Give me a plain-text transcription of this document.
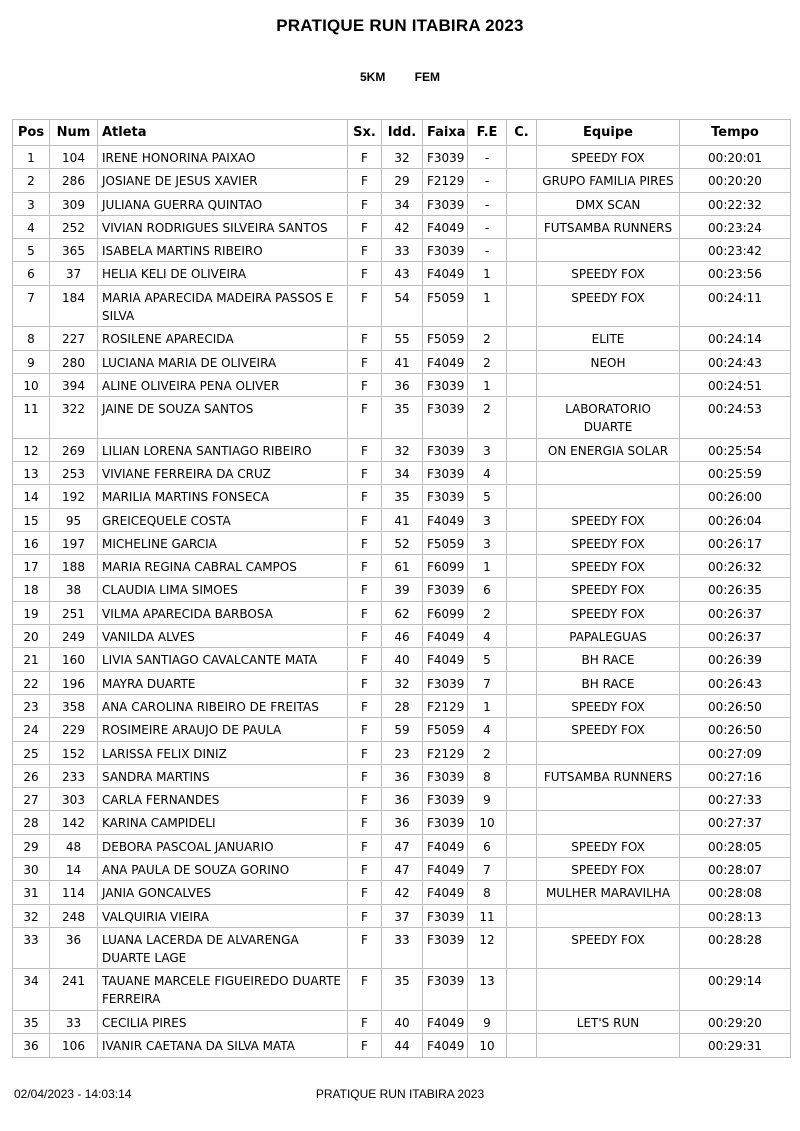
PRATIQUE RUN ITABIRA 2023
5KM FEM
Pos	Num	Atleta	Sx.	Idd.	Faixa	F.E	C.	Equipe	Tempo
1	104	IRENE HONORINA PAIXAO	F	32	F3039	-		SPEEDY FOX	00:20:01
2	286	JOSIANE DE JESUS XAVIER	F	29	F2129	-		GRUPO FAMILIA PIRES	00:20:20
3	309	JULIANA GUERRA QUINTAO	F	34	F3039	-		DMX SCAN	00:22:32
4	252	VIVIAN RODRIGUES SILVEIRA SANTOS	F	42	F4049	-		FUTSAMBA RUNNERS	00:23:24
5	365	ISABELA MARTINS RIBEIRO	F	33	F3039	-			00:23:42
6	37	HELIA KELI DE OLIVEIRA	F	43	F4049	1		SPEEDY FOX	00:23:56
7	184	MARIA APARECIDA MADEIRA PASSOS E SILVA	F	54	F5059	1		SPEEDY FOX	00:24:11
8	227	ROSILENE APARECIDA	F	55	F5059	2		ELITE	00:24:14
9	280	LUCIANA MARIA DE OLIVEIRA	F	41	F4049	2		NEOH	00:24:43
10	394	ALINE OLIVEIRA PENA OLIVER	F	36	F3039	1			00:24:51
11	322	JAINE DE SOUZA SANTOS	F	35	F3039	2		LABORATORIO DUARTE	00:24:53
12	269	LILIAN LORENA SANTIAGO RIBEIRO	F	32	F3039	3		ON ENERGIA SOLAR	00:25:54
13	253	VIVIANE FERREIRA DA CRUZ	F	34	F3039	4			00:25:59
14	192	MARILIA MARTINS FONSECA	F	35	F3039	5			00:26:00
15	95	GREICEQUELE COSTA	F	41	F4049	3		SPEEDY FOX	00:26:04
16	197	MICHELINE GARCIA	F	52	F5059	3		SPEEDY FOX	00:26:17
17	188	MARIA REGINA CABRAL CAMPOS	F	61	F6099	1		SPEEDY FOX	00:26:32
18	38	CLAUDIA LIMA SIMOES	F	39	F3039	6		SPEEDY FOX	00:26:35
19	251	VILMA APARECIDA BARBOSA	F	62	F6099	2		SPEEDY FOX	00:26:37
20	249	VANILDA ALVES	F	46	F4049	4		PAPALEGUAS	00:26:37
21	160	LIVIA SANTIAGO CAVALCANTE MATA	F	40	F4049	5		BH RACE	00:26:39
22	196	MAYRA DUARTE	F	32	F3039	7		BH RACE	00:26:43
23	358	ANA CAROLINA RIBEIRO DE FREITAS	F	28	F2129	1		SPEEDY FOX	00:26:50
24	229	ROSIMEIRE ARAUJO DE PAULA	F	59	F5059	4		SPEEDY FOX	00:26:50
25	152	LARISSA FELIX DINIZ	F	23	F2129	2			00:27:09
26	233	SANDRA MARTINS	F	36	F3039	8		FUTSAMBA RUNNERS	00:27:16
27	303	CARLA FERNANDES	F	36	F3039	9			00:27:33
28	142	KARINA CAMPIDELI	F	36	F3039	10			00:27:37
29	48	DEBORA PASCOAL JANUARIO	F	47	F4049	6		SPEEDY FOX	00:28:05
30	14	ANA PAULA DE SOUZA GORINO	F	47	F4049	7		SPEEDY FOX	00:28:07
31	114	JANIA GONCALVES	F	42	F4049	8		MULHER MARAVILHA	00:28:08
32	248	VALQUIRIA VIEIRA	F	37	F3039	11			00:28:13
33	36	LUANA LACERDA DE ALVARENGA DUARTE LAGE	F	33	F3039	12		SPEEDY FOX	00:28:28
34	241	TAUANE MARCELE FIGUEIREDO DUARTE FERREIRA	F	35	F3039	13			00:29:14
35	33	CECILIA PIRES	F	40	F4049	9		LET'S RUN	00:29:20
36	106	IVANIR CAETANA DA SILVA MATA	F	44	F4049	10			00:29:31
02/04/2023 - 14:03:14	PRATIQUE RUN ITABIRA 2023
